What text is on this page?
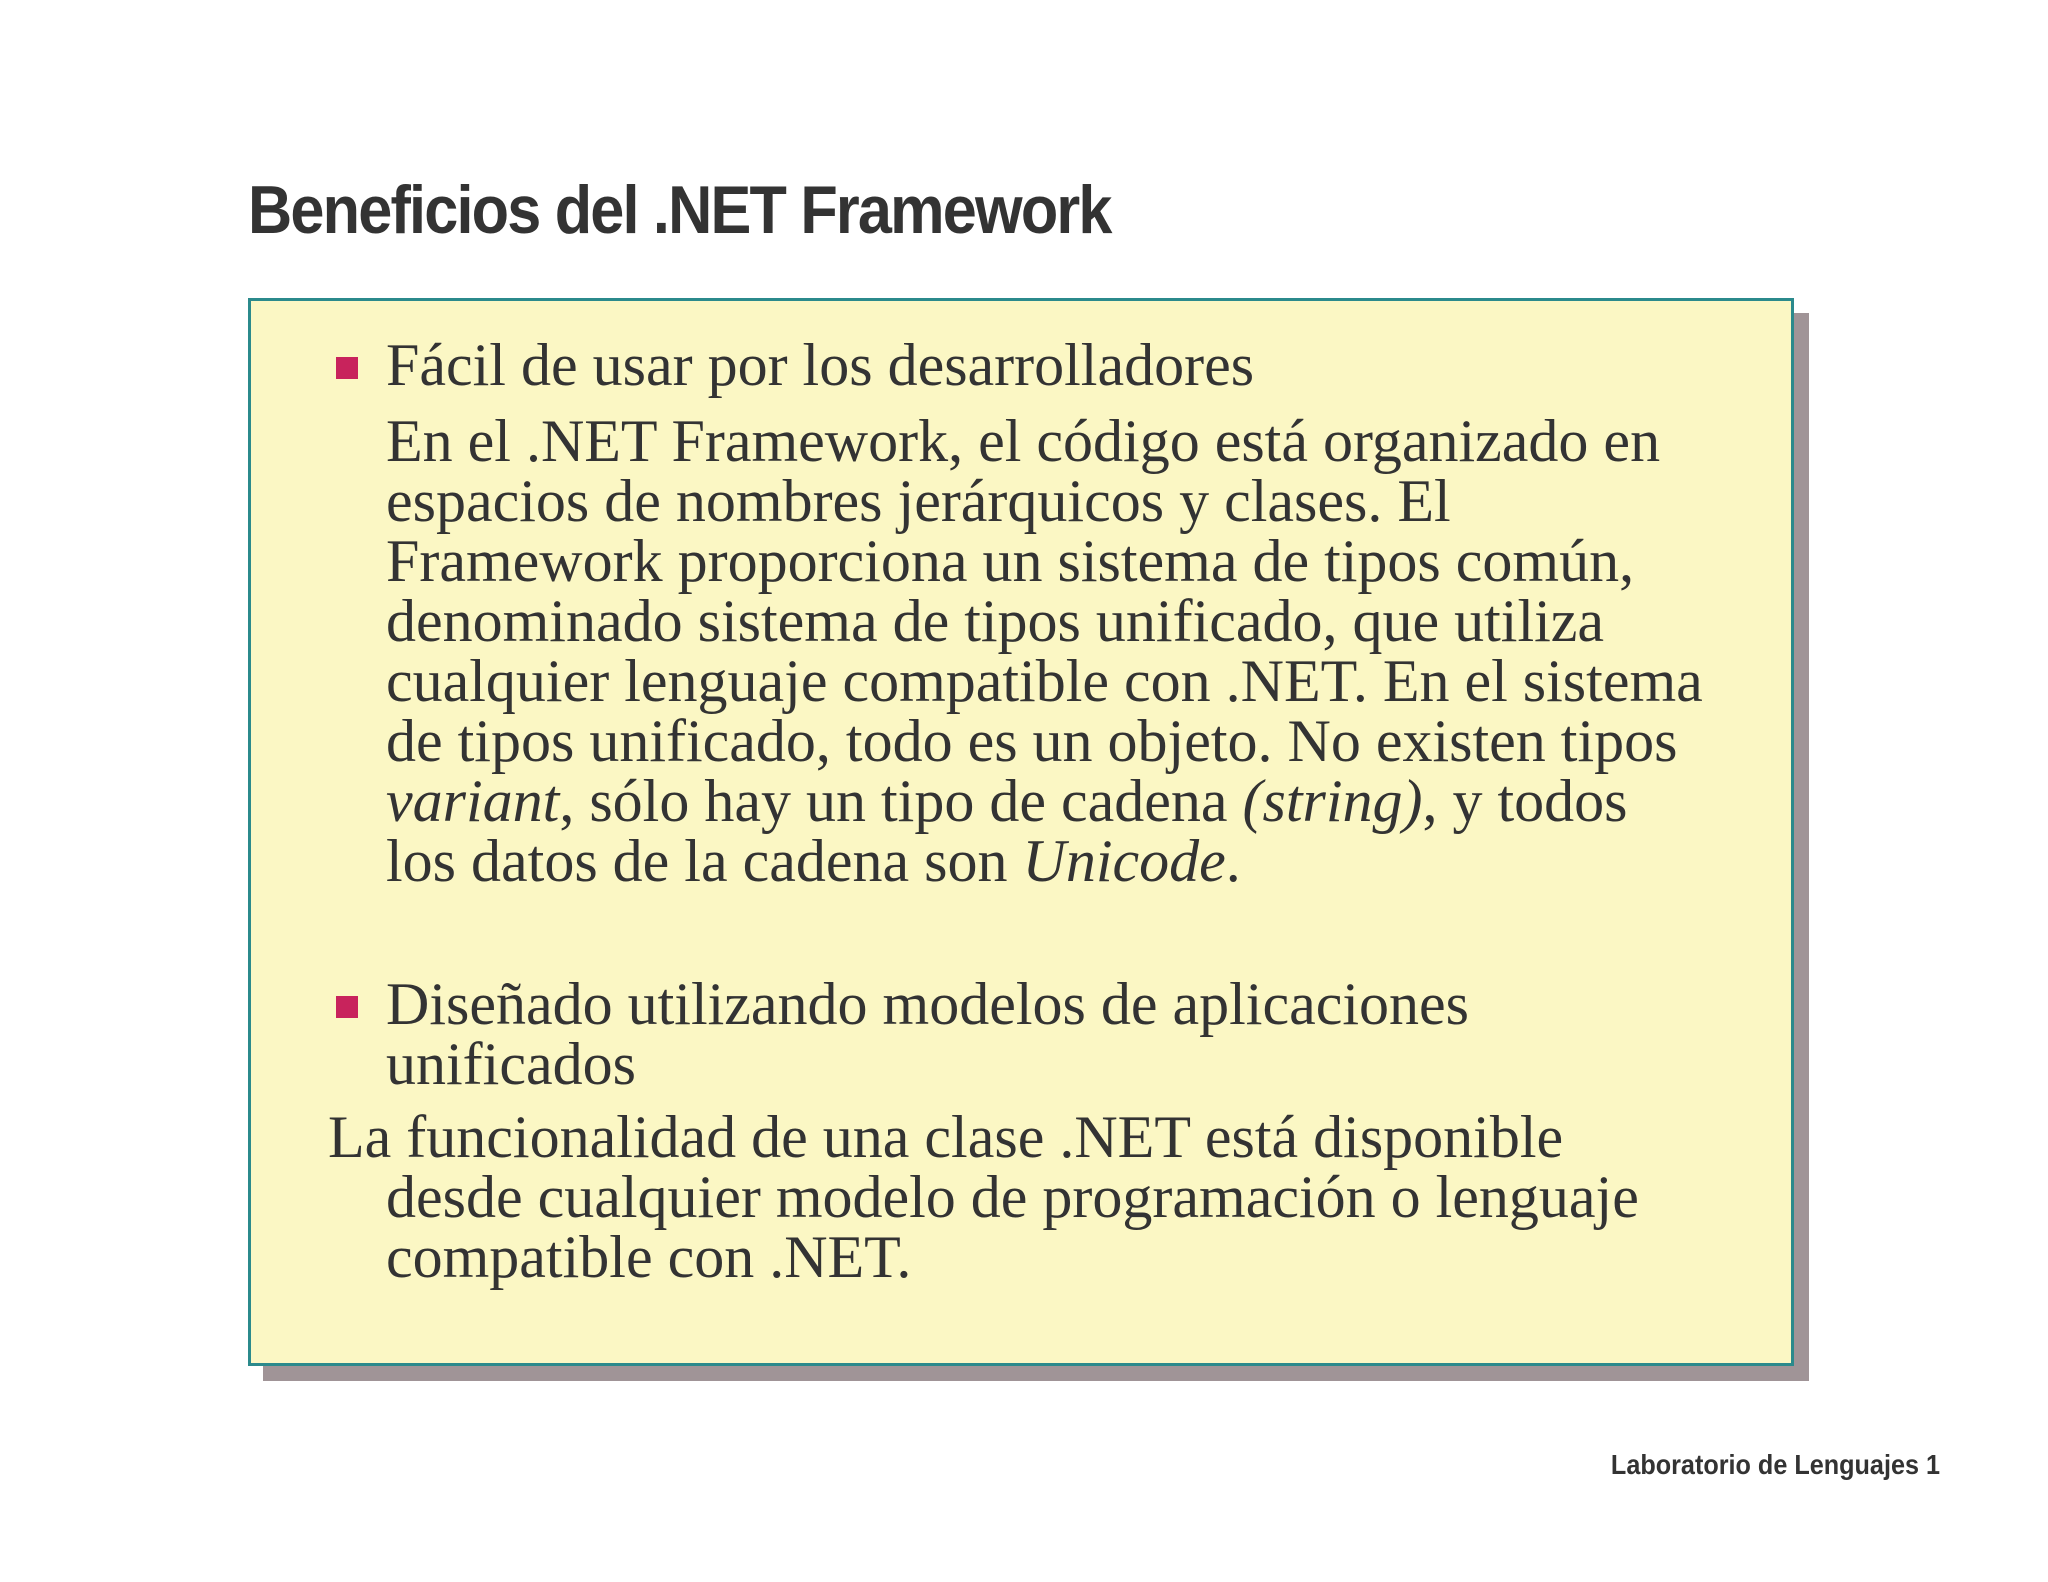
Beneficios del .NET Framework
Fácil de usar por los desarrolladores
En el .NET Framework, el código está organizado en
espacios de nombres jerárquicos y clases. El
Framework proporciona un sistema de tipos común,
denominado sistema de tipos unificado, que utiliza
cualquier lenguaje compatible con .NET. En el sistema
de tipos unificado, todo es un objeto. No existen tipos
variant, sólo hay un tipo de cadena (string), y todos
los datos de la cadena son Unicode.
Diseñado utilizando modelos de aplicaciones
unificados
La funcionalidad de una clase .NET está disponible
desde cualquier modelo de programación o lenguaje
compatible con .NET.
Laboratorio de Lenguajes 1
